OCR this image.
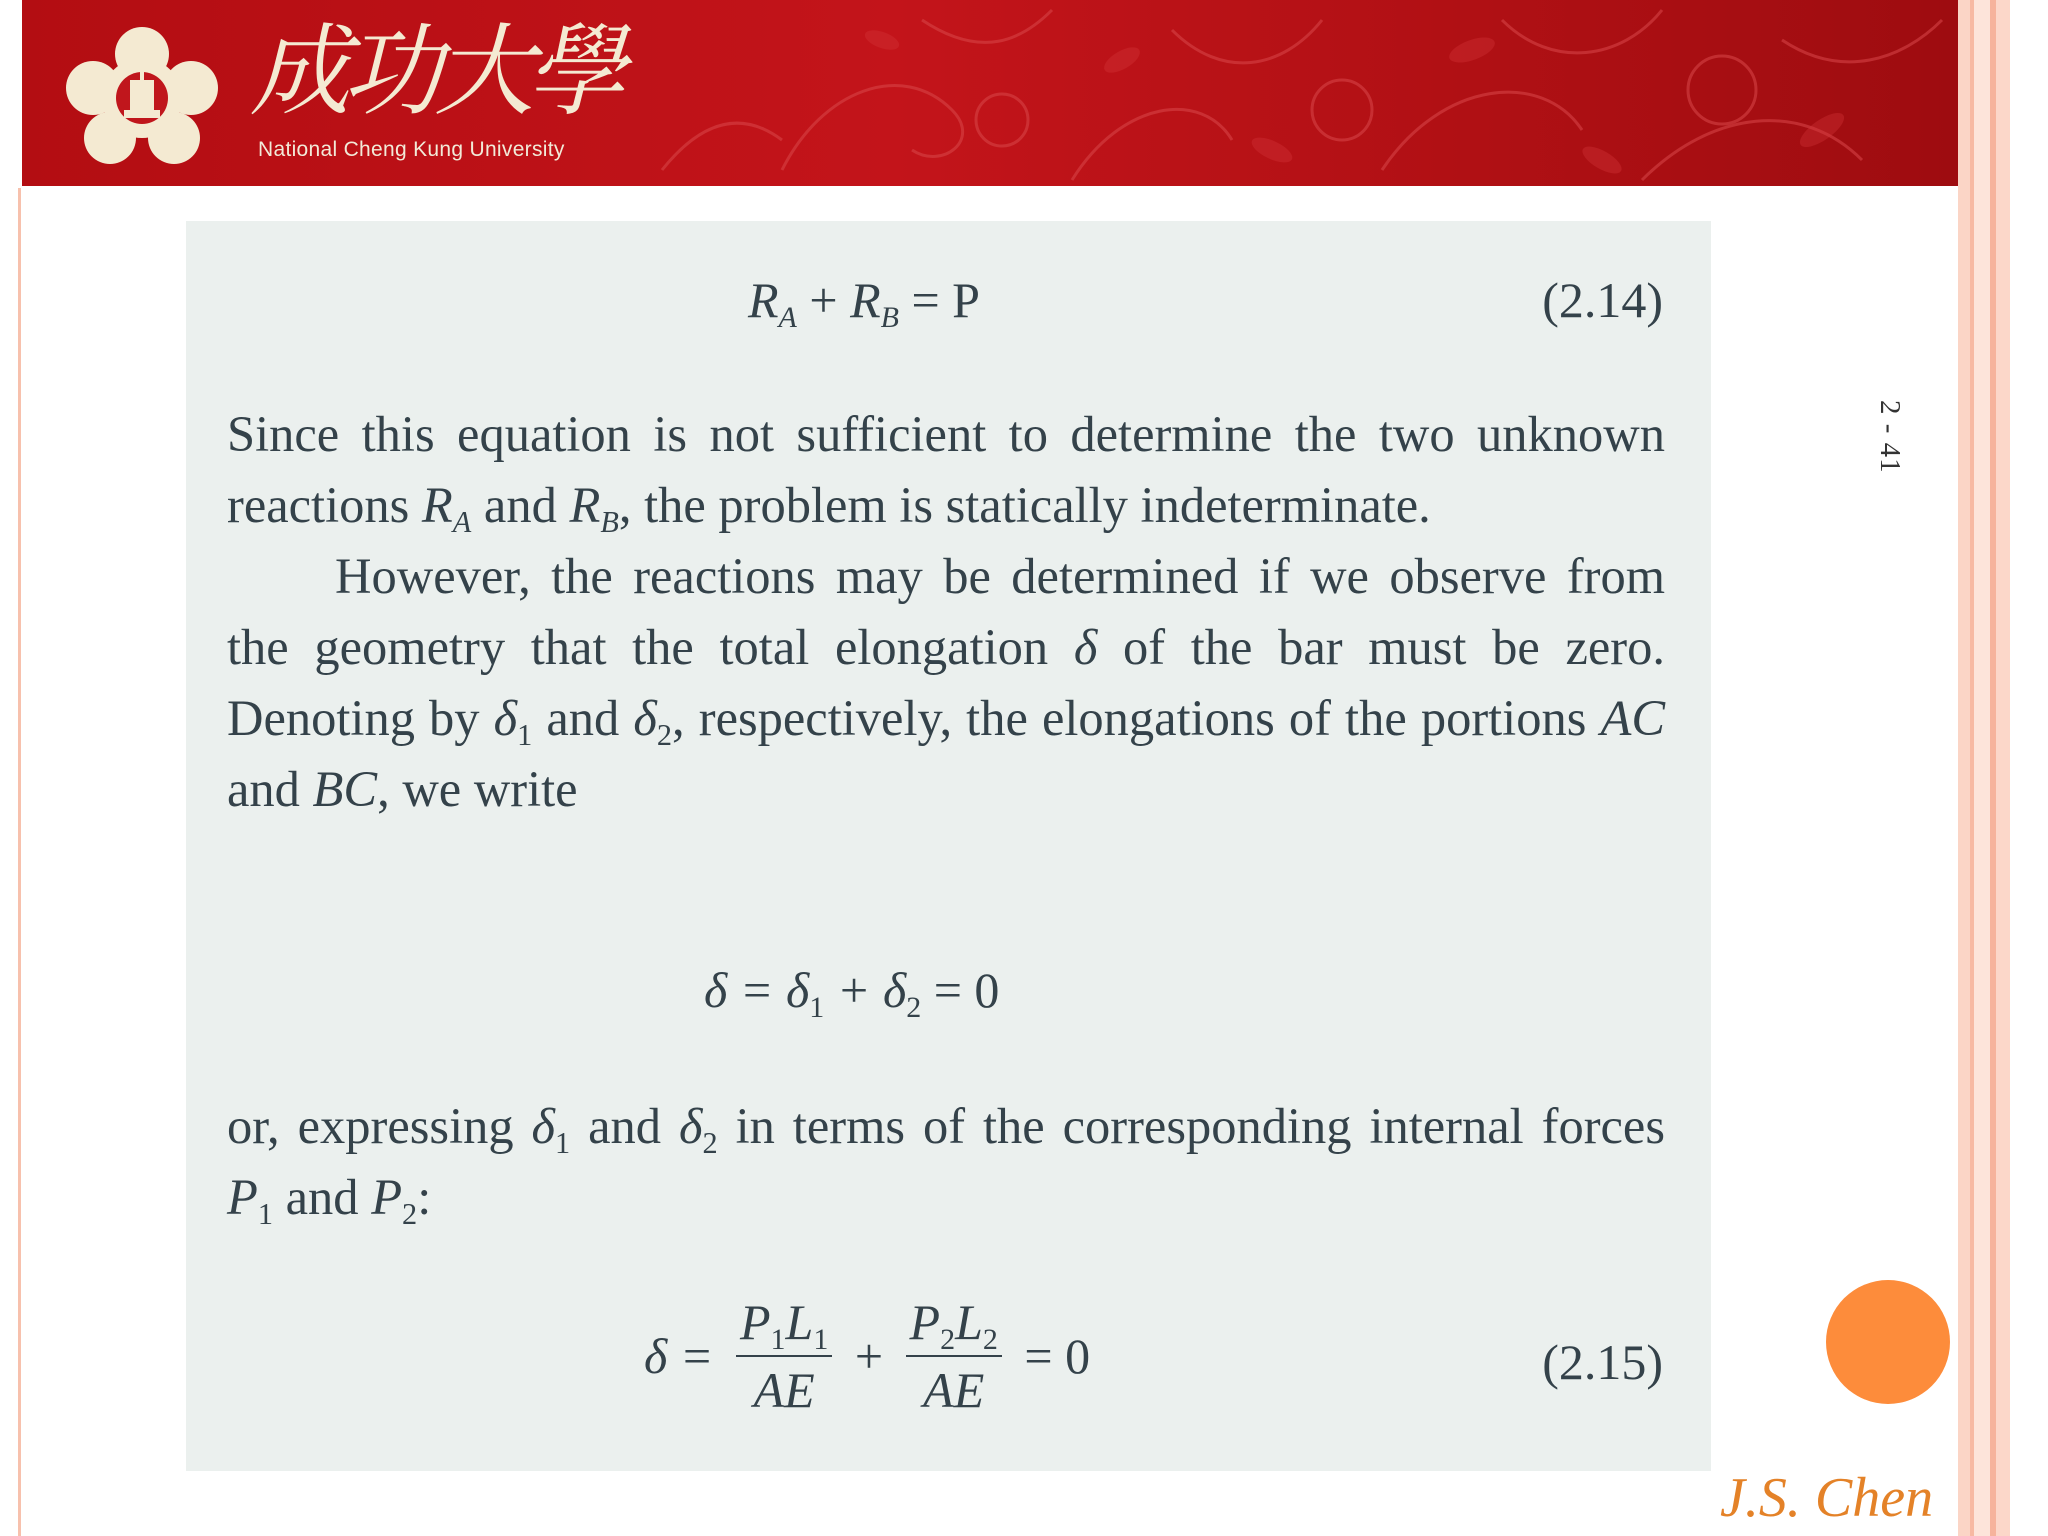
成功大學
National Cheng Kung University
$R_A + R_B = P$	(2.14)

Since this equation is not sufficient to determine the two unknown reactions $R_A$ and $R_B$, the problem is statically indeterminate.

However, the reactions may be determined if we observe from the geometry that the total elongation δ of the bar must be zero. Denoting by $\delta_1$ and $\delta_2$, respectively, the elongations of the portions AC and BC, we write

$\delta = \delta_1 + \delta_2 = 0$

or, expressing $\delta_1$ and $\delta_2$ in terms of the corresponding internal forces $P_1$ and $P_2$:

$\delta = \frac{P_1L_1}{AE} + \frac{P_2L_2}{AE} = 0$	(2.15)
2 - 41
J.S. Chen
